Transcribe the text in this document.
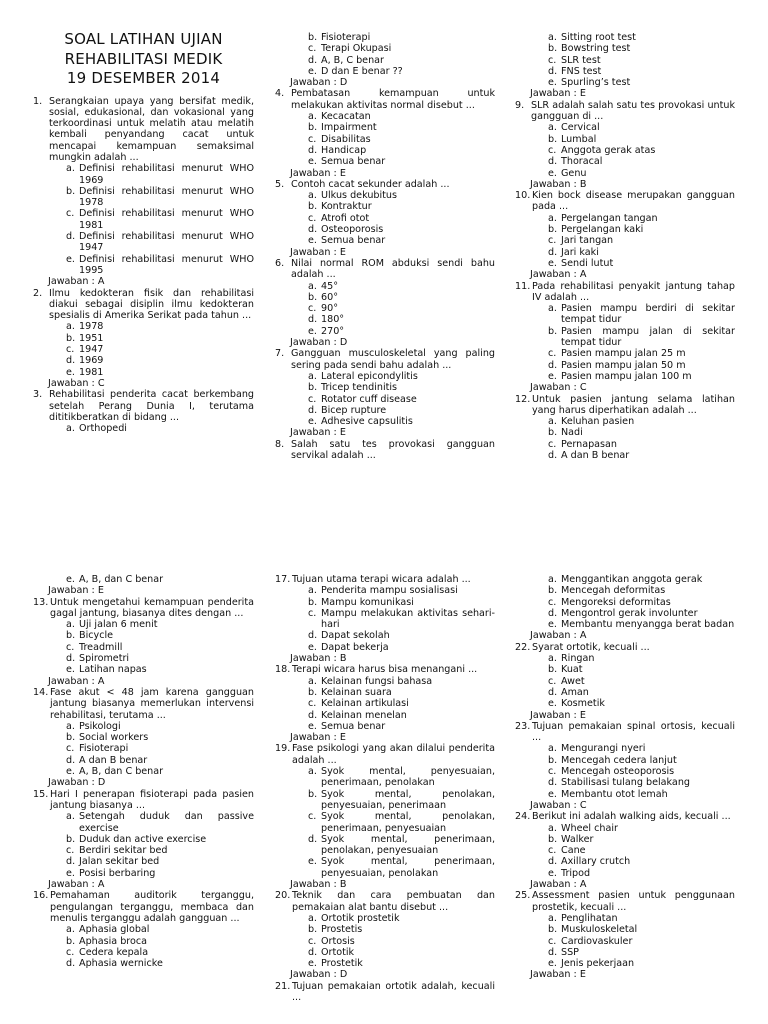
SOAL LATIHAN UJIAN
REHABILITASI MEDIK
19 DESEMBER 2014
1. Serangkaian upaya yang bersifat medik, sosial, edukasional, dan vokasional yang terkoordinasi untuk melatih atau melatih kembali penyandang cacat untuk mencapai kemampuan semaksimal mungkin adalah ...
a. Definisi rehabilitasi menurut WHO 1969
b. Definisi rehabilitasi menurut WHO 1978
c. Definisi rehabilitasi menurut WHO 1981
d. Definisi rehabilitasi menurut WHO 1947
e. Definisi rehabilitasi menurut WHO 1995
Jawaban : A
2. Ilmu kedokteran fisik dan rehabilitasi diakui sebagai disiplin ilmu kedokteran spesialis di Amerika Serikat pada tahun ...
a. 1978
b. 1951
c. 1947
d. 1969
e. 1981
Jawaban : C
3. Rehabilitasi penderita cacat berkembang setelah Perang Dunia I, terutama dititikberatkan di bidang ...
a. Orthopedi
b. Fisioterapi
c. Terapi Okupasi
d. A, B, C benar
e. D dan E benar ??
Jawaban : D
4. Pembatasan kemampuan untuk melakukan aktivitas normal disebut ...
a. Kecacatan
b. Impairment
c. Disabilitas
d. Handicap
e. Semua benar
Jawaban : E
5. Contoh cacat sekunder adalah ...
a. Ulkus dekubitus
b. Kontraktur
c. Atrofi otot
d. Osteoporosis
e. Semua benar
Jawaban : E
6. Nilai normal ROM abduksi sendi bahu adalah ...
a. 45°
b. 60°
c. 90°
d. 180°
e. 270°
Jawaban : D
7. Gangguan musculoskeletal yang paling sering pada sendi bahu adalah ...
a. Lateral epicondylitis
b. Tricep tendinitis
c. Rotator cuff disease
d. Bicep rupture
e. Adhesive capsulitis
Jawaban : E
8. Salah satu tes provokasi gangguan servikal adalah ...
a. Sitting root test
b. Bowstring test
c. SLR test
d. FNS test
e. Spurling’s test
Jawaban : E
9. SLR adalah salah satu tes provokasi untuk gangguan di ...
a. Cervical
b. Lumbal
c. Anggota gerak atas
d. Thoracal
e. Genu
Jawaban : B
10. Kien bock disease merupakan gangguan pada ...
a. Pergelangan tangan
b. Pergelangan kaki
c. Jari tangan
d. Jari kaki
e. Sendi lutut
Jawaban : A
11. Pada rehabilitasi penyakit jantung tahap IV adalah ...
a. Pasien mampu berdiri di sekitar tempat tidur
b. Pasien mampu jalan di sekitar tempat tidur
c. Pasien mampu jalan 25 m
d. Pasien mampu jalan 50 m
e. Pasien mampu jalan 100 m
Jawaban : C
12. Untuk pasien jantung selama latihan yang harus diperhatikan adalah ...
a. Keluhan pasien
b. Nadi
c. Pernapasan
d. A dan B benar
e. A, B, dan C benar
Jawaban : E
13. Untuk mengetahui kemampuan penderita gagal jantung, biasanya dites dengan ...
a. Uji jalan 6 menit
b. Bicycle
c. Treadmill
d. Spirometri
e. Latihan napas
Jawaban : A
14. Fase akut < 48 jam karena gangguan jantung biasanya memerlukan intervensi rehabilitasi, terutama ...
a. Psikologi
b. Social workers
c. Fisioterapi
d. A dan B benar
e. A, B, dan C benar
Jawaban : D
15. Hari I penerapan fisioterapi pada pasien jantung biasanya ...
a. Setengah duduk dan passive exercise
b. Duduk dan active exercise
c. Berdiri sekitar bed
d. Jalan sekitar bed
e. Posisi berbaring
Jawaban : A
16. Pemahaman auditorik terganggu, pengulangan terganggu, membaca dan menulis terganggu adalah gangguan ...
a. Aphasia global
b. Aphasia broca
c. Cedera kepala
d. Aphasia wernicke
17. Tujuan utama terapi wicara adalah ...
a. Penderita mampu sosialisasi
b. Mampu komunikasi
c. Mampu melakukan aktivitas sehari-hari
d. Dapat sekolah
e. Dapat bekerja
Jawaban : B
18. Terapi wicara harus bisa menangani ...
a. Kelainan fungsi bahasa
b. Kelainan suara
c. Kelainan artikulasi
d. Kelainan menelan
e. Semua benar
Jawaban : E
19. Fase psikologi yang akan dilalui penderita adalah ...
a. Syok mental, penyesuaian, penerimaan, penolakan
b. Syok mental, penolakan, penyesuaian, penerimaan
c. Syok mental, penolakan, penerimaan, penyesuaian
d. Syok mental, penerimaan, penolakan, penyesuaian
e. Syok mental, penerimaan, penyesuaian, penolakan
Jawaban : B
20. Teknik dan cara pembuatan dan pemakaian alat bantu disebut ...
a. Ortotik prostetik
b. Prostetis
c. Ortosis
d. Ortotik
e. Prostetik
Jawaban : D
21. Tujuan pemakaian ortotik adalah, kecuali ...
a. Menggantikan anggota gerak
b. Mencegah deformitas
c. Mengoreksi deformitas
d. Mengontrol gerak involunter
e. Membantu menyangga berat badan
Jawaban : A
22. Syarat ortotik, kecuali ...
a. Ringan
b. Kuat
c. Awet
d. Aman
e. Kosmetik
Jawaban : E
23. Tujuan pemakaian spinal ortosis, kecuali ...
a. Mengurangi nyeri
b. Mencegah cedera lanjut
c. Mencegah osteoporosis
d. Stabilisasi tulang belakang
e. Membantu otot lemah
Jawaban : C
24. Berikut ini adalah walking aids, kecuali ...
a. Wheel chair
b. Walker
c. Cane
d. Axillary crutch
e. Tripod
Jawaban : A
25. Assessment pasien untuk penggunaan prostetik, kecuali ...
a. Penglihatan
b. Muskuloskeletal
c. Cardiovaskuler
d. SSP
e. Jenis pekerjaan
Jawaban : E
